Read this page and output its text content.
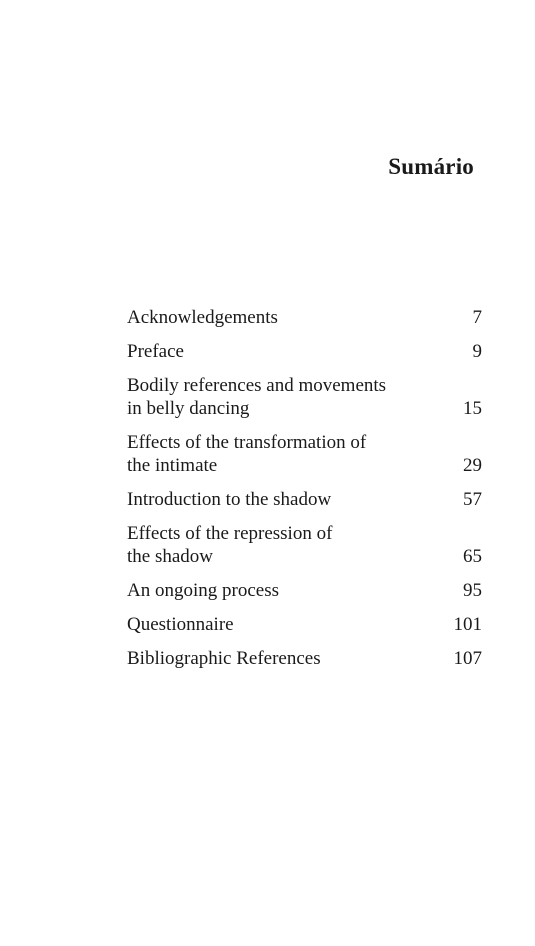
Sumário
Acknowledgements	7
Preface	9
Bodily references and movements
in belly dancing	15
Effects of the transformation of
the intimate	29
Introduction to the shadow	57
Effects of the repression of
the shadow	65
An ongoing process	95
Questionnaire	101
Bibliographic References	107
